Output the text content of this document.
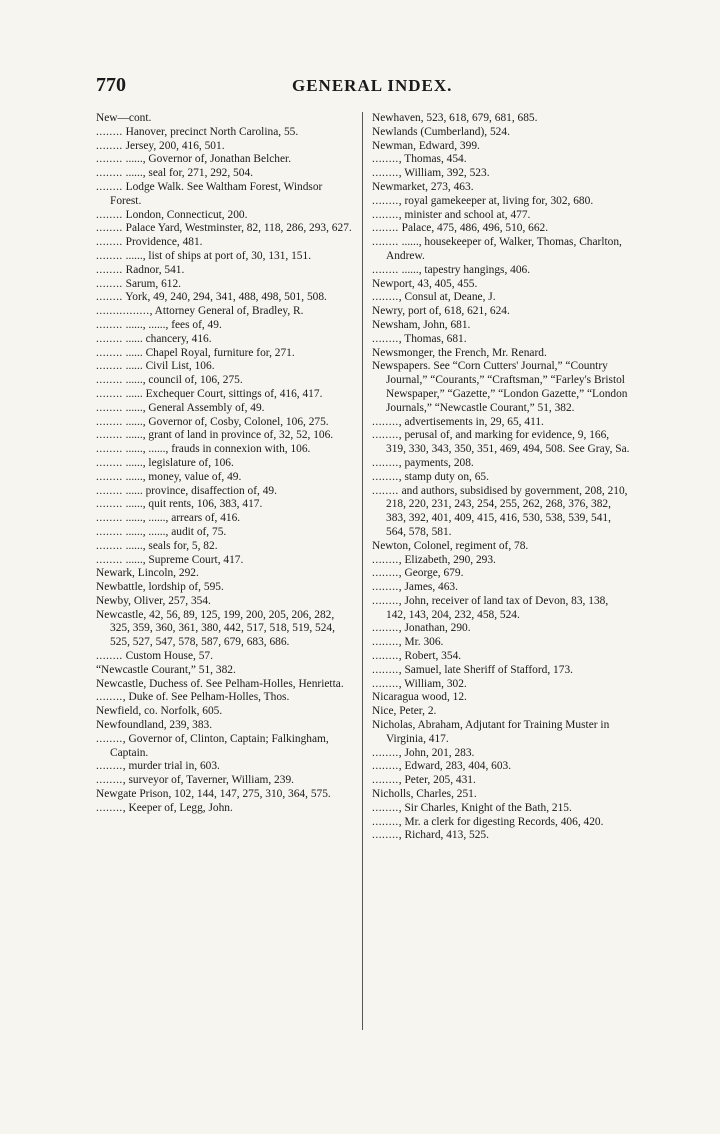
770	GENERAL INDEX.
New—cont.
........ Hanover, precinct North Carolina, 55.
........ Jersey, 200, 416, 501.
........ ......, Governor of, Jonathan Belcher.
........ ......, seal for, 271, 292, 504.
........ Lodge Walk. See Waltham Forest, Windsor Forest.
........ London, Connecticut, 200.
........ Palace Yard, Westminster, 82, 118, 286, 293, 627.
........ Providence, 481.
........ ......, list of ships at port of, 30, 131, 151.
........ Radnor, 541.
........ Sarum, 612.
........ York, 49, 240, 294, 341, 488, 498, 501, 508.
................, Attorney General of, Bradley, R.
........ ......, ......, fees of, 49.
........ ...... chancery, 416.
........ ...... Chapel Royal, furniture for, 271.
........ ...... Civil List, 106.
........ ......, council of, 106, 275.
........ ...... Exchequer Court, sittings of, 416, 417.
........ ......, General Assembly of, 49.
........ ......, Governor of, Cosby, Colonel, 106, 275.
........ ......, grant of land in province of, 32, 52, 106.
........ ......, ......, frauds in connexion with, 106.
........ ......, legislature of, 106.
........ ......, money, value of, 49.
........ ...... province, disaffection of, 49.
........ ......, quit rents, 106, 383, 417.
........ ......, ......, arrears of, 416.
........ ......, ......, audit of, 75.
........ ......, seals for, 5, 82.
........ ......, Supreme Court, 417.
Newark, Lincoln, 292.
Newbattle, lordship of, 595.
Newby, Oliver, 257, 354.
Newcastle, 42, 56, 89, 125, 199, 200, 205, 206, 282, 325, 359, 360, 361, 380, 442, 517, 518, 519, 524, 525, 527, 547, 578, 587, 679, 683, 686.
........ Custom House, 57.
“Newcastle Courant,” 51, 382.
Newcastle, Duchess of. See Pelham-Holles, Henrietta.
........, Duke of. See Pelham-Holles, Thos.
Newfield, co. Norfolk, 605.
Newfoundland, 239, 383.
........, Governor of, Clinton, Captain; Falkingham, Captain.
........, murder trial in, 603.
........, surveyor of, Taverner, William, 239.
Newgate Prison, 102, 144, 147, 275, 310, 364, 575.
........, Keeper of, Legg, John.
Newhaven, 523, 618, 679, 681, 685.
Newlands (Cumberland), 524.
Newman, Edward, 399.
........, Thomas, 454.
........, William, 392, 523.
Newmarket, 273, 463.
........, royal gamekeeper at, living for, 302, 680.
........, minister and school at, 477.
........ Palace, 475, 486, 496, 510, 662.
........ ......, housekeeper of, Walker, Thomas, Charlton, Andrew.
........ ......, tapestry hangings, 406.
Newport, 43, 405, 455.
........, Consul at, Deane, J.
Newry, port of, 618, 621, 624.
Newsham, John, 681.
........, Thomas, 681.
Newsmonger, the French, Mr. Renard.
Newspapers. See “Corn Cutters' Journal,” “Country Journal,” “Courants,” “Craftsman,” “Farley's Bristol Newspaper,” “Gazette,” “London Gazette,” “London Journals,” “Newcastle Courant,” 51, 382.
........, advertisements in, 29, 65, 411.
........, perusal of, and marking for evidence, 9, 166, 319, 330, 343, 350, 351, 469, 494, 508. See Gray, Sa.
........, payments, 208.
........, stamp duty on, 65.
........ and authors, subsidised by government, 208, 210, 218, 220, 231, 243, 254, 255, 262, 268, 376, 382, 383, 392, 401, 409, 415, 416, 530, 538, 539, 541, 564, 578, 581.
Newton, Colonel, regiment of, 78.
........, Elizabeth, 290, 293.
........, George, 679.
........, James, 463.
........, John, receiver of land tax of Devon, 83, 138, 142, 143, 204, 232, 458, 524.
........, Jonathan, 290.
........, Mr. 306.
........, Robert, 354.
........, Samuel, late Sheriff of Stafford, 173.
........, William, 302.
Nicaragua wood, 12.
Nice, Peter, 2.
Nicholas, Abraham, Adjutant for Training Muster in Virginia, 417.
........, John, 201, 283.
........, Edward, 283, 404, 603.
........, Peter, 205, 431.
Nicholls, Charles, 251.
........, Sir Charles, Knight of the Bath, 215.
........, Mr. a clerk for digesting Records, 406, 420.
........, Richard, 413, 525.
